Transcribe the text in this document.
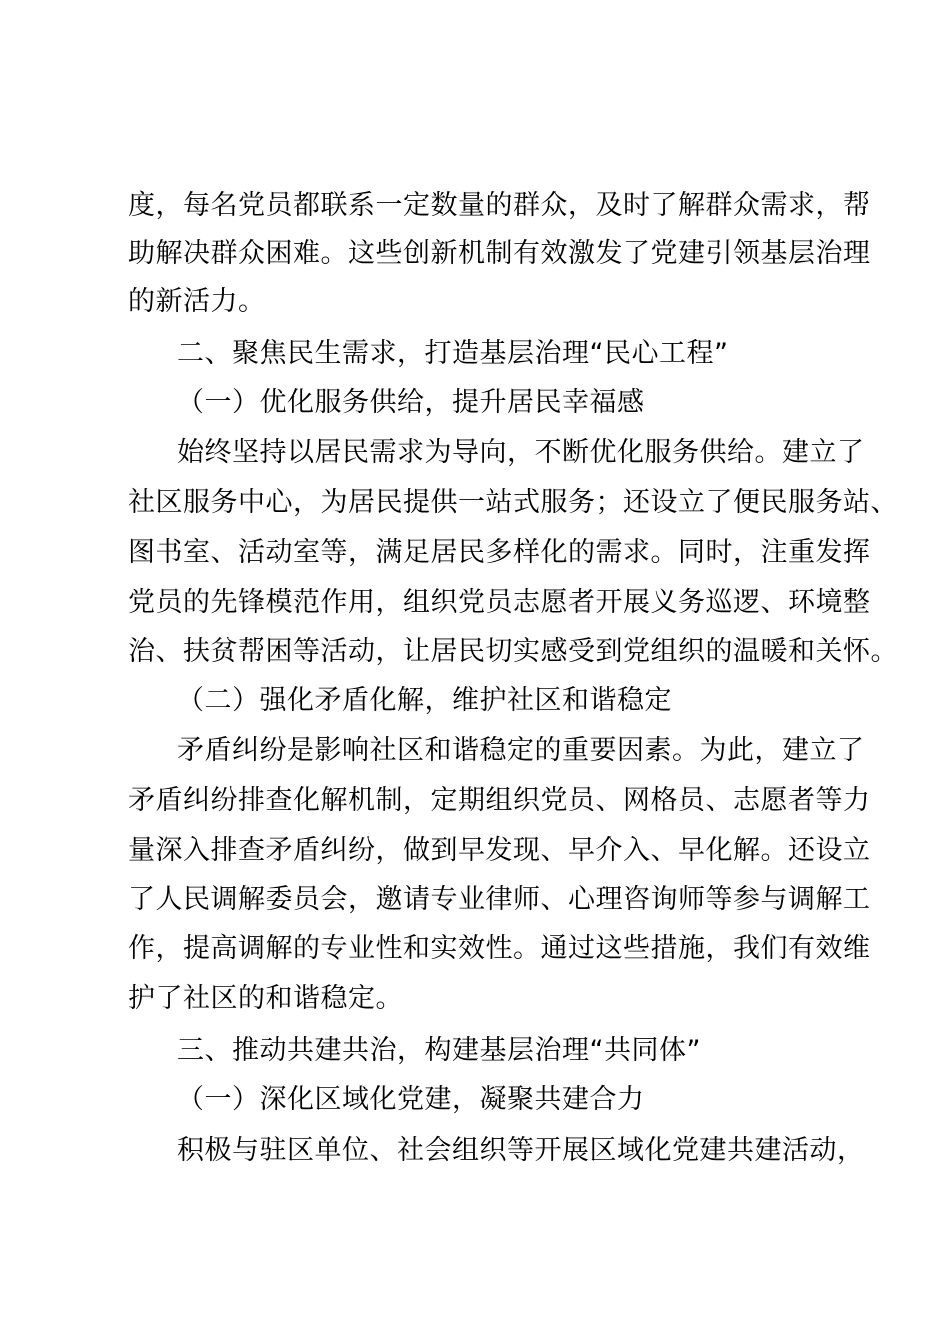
度，每名党员都联系一定数量的群众，及时了解群众需求，帮
助解决群众困难。这些创新机制有效激发了党建引领基层治理
的新活力。
二、聚焦民生需求，打造基层治理“民心工程”
（一）优化服务供给，提升居民幸福感
始终坚持以居民需求为导向，不断优化服务供给。建立了
社区服务中心，为居民提供一站式服务；还设立了便民服务站、
图书室、活动室等，满足居民多样化的需求。同时，注重发挥
党员的先锋模范作用，组织党员志愿者开展义务巡逻、环境整
治、扶贫帮困等活动，让居民切实感受到党组织的温暖和关怀。
（二）强化矛盾化解，维护社区和谐稳定
矛盾纠纷是影响社区和谐稳定的重要因素。为此，建立了
矛盾纠纷排查化解机制，定期组织党员、网格员、志愿者等力
量深入排查矛盾纠纷，做到早发现、早介入、早化解。还设立
了人民调解委员会，邀请专业律师、心理咨询师等参与调解工
作，提高调解的专业性和实效性。通过这些措施，我们有效维
护了社区的和谐稳定。
三、推动共建共治，构建基层治理“共同体”
（一）深化区域化党建，凝聚共建合力
积极与驻区单位、社会组织等开展区域化党建共建活动，
